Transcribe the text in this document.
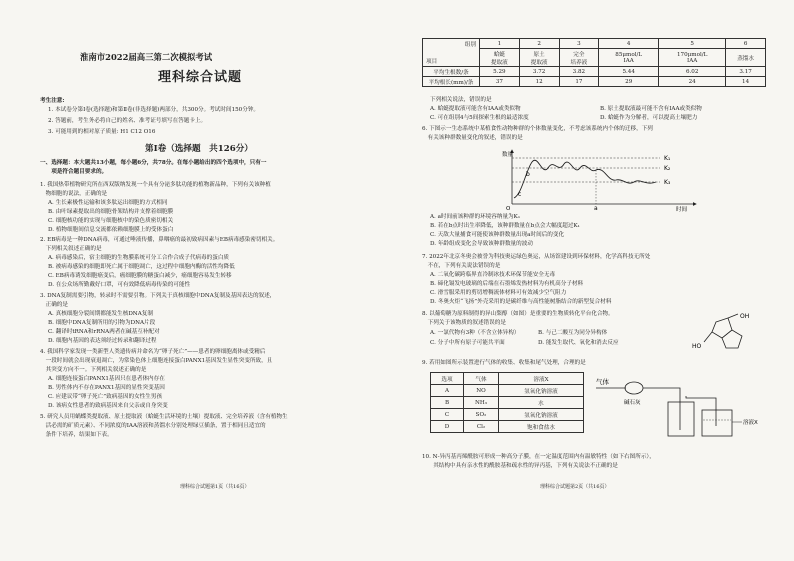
淮南市2022届高三第二次模拟考试
理科综合试题
考生注意:
1. 本试卷分第Ⅰ卷(选择题)和第Ⅱ卷(非选择题)两部分，共300分。考试时间150分钟。
2. 答题前，考生务必将自己的姓名、准考证号填写在答题卡上。
3. 可能用到的相对原子质量: H1 C12 O16
第Ⅰ卷（选择题　共126分）
一、选择题：本大题共13小题，每小题6分，共78分。在每小题给出的四个选项中，只有一
　　项是符合题目要求的。
1. 我国热带植物研究所在西双版纳发现一个具有分泌多肽功能的植物新品种，下列有关该种植
　物细胞的说法，正确的是
A. 生长素极性运输和该多肽运出细胞的方式相同
B. 由叶绿素提取出的细胞骨架结构并支撑着细胞膜
C. 细胞核功能的实现与细胞核中的染色质密切相关
D. 植物细胞间信息交流都依赖细胞膜上的受体蛋白
2. EB病毒是一种DNA病毒，可通过唾液传播，鼻咽癌的最初致病因素与EB病毒感染密切相关。
　下列相关叙述正确的是
A. 病毒感染后，宿主细胞的生物膜系统可分工合作合成子代病毒的蛋白质
B. 被病毒感染的细胞即死亡属于细胞凋亡，这过程中细胞内酶的活性均降低
C. EB病毒诱发细胞癌变后，癌细胞膜的糖蛋白减少，癌细胞容易发生转移
D. 在公众场所勤戴好口罩，可有效降低病毒传染的可能性
3. DNA复制需要引物，转录时不需要引物。下列关于真核细胞中DNA复制及基因表达的叙述，
　正确的是
A. 真核细胞分裂间期都能发生核DNA复制
B. 细胞中DNA复制所用的引物为DNA片段
C. 翻译时tRNA和rRNA两者在碱基互补配对
D. 细胞内基因的表达须经过转录和翻译过程
4. 我国科学家发现一类新型人类遗传病并命名为“卵子死亡”——患者的卵细胞离体或受精后
　一段时间就会出现衰退凋亡，为常染色体上细胞连接蛋白PANX1基因发生显性突变所致，且
　其突变方向不一。下列相关叙述正确的是
A. 细胞连接蛋白PANX1基因只在患者体内存在
B. 男性体内不存在PANX1基因的显性突变基因
C. 应建议带“卵子死亡”致病基因的女性生男孩
D. 该病女性患者的致病基因来自父亲或自身突变
5. 研究人员用蜗蝶类提取液、原土提取液（蛤蜓生活环境的土壤）提取液、完全培养液（含有植物生
　活必需的矿质元素）、不同浓度的IAA溶液和蒸馏水分别处理绿豆插条，置于相同且适宜的
　条件下培养，结果如下表。
理科综合试题第1页（共16页）
组别
项目	1	2	3	4	5	6
	蛤蜓
提取液	原土
提取液	完全
培养液	85μmol/L
IAA	170μmol/L
IAA	蒸馏水
平均生根数/条	5.29	3.72	3.82	5.44	6.02	3.17
平均根长(mm)/条	37	12	17	29	24	14
下列相关说法，错误的是
A. 蛤蜓提取液可能含有IAA或类似物	B. 原土提取液最可能不含有IAA或类似物
C. 可在组别4与5间探索生根的最适浓度	D. 蛤蜓作为分解者，可以提高土壤肥力
6. 下图示一生态系统中某植食性动物种群的个体数量变化，不考虑该系统内个体的迁移，下列
　有关该种群数量变化的叙述，错误的是
数量	K₁
K₂
K₃
a
b
c
O	时间
A. a时间前该种群的环境容纳量为K₁
B. 若在b点时出生率降低，该种群数量在b点会大幅度超过K₁
C. 天敌大量捕食可能使该种群数量出现a时间后的变化
D. 年龄组成变化会导致该种群数量的波动
7. 2022年北京冬奥会被誉为科技奥运绿色奥运，从场馆建设到环保材料，化学高科技无所处
　不在，下列有关说法错误的是
A. 二氧化碳跨临界直冷制冰技术环保节能安全无毒
B. 碲化镉发电玻璃的后端在石墨烯发热材料为有机高分子材料
C. 滑雪服采用的剪切增稠流体材料可有效减少空气阻力
D. 冬奥火炬“飞扬”外壳采用的是碳纤维与高性能树脂结合的新型复合材料
8. 以葡萄糖为原料制得的异山梨醇（如图）是重要的生物质转化平台化合物。
　下列关于该物质的叙述错误的是
A. 一氯代物有3种（不含立体异构）	B. 与己二酸互为同分异构体
C. 分子中所有原子可能共平面	D. 能发生取代、氧化和消去反应
OH
HO
9. 若用如图所示装置进行气体的收集、收集和尾气处理，合理的是
选项	气体	溶液X
A	NO	氢氧化钠溶液
B	NH₃	水
C	SO₂	氢氧化钠溶液
D	Cl₂	饱和食盐水
气体
碱石灰
溶液X
10. N-异丙基丙烯酰胺可形成一种高分子膜，在一定温度范围内有温敏特性（如下右图所示），
　　其结构中具有亲水性的酰胺基和疏水性的异丙基，下列有关说法不正确的是
理科综合试题第2页（共16页）
